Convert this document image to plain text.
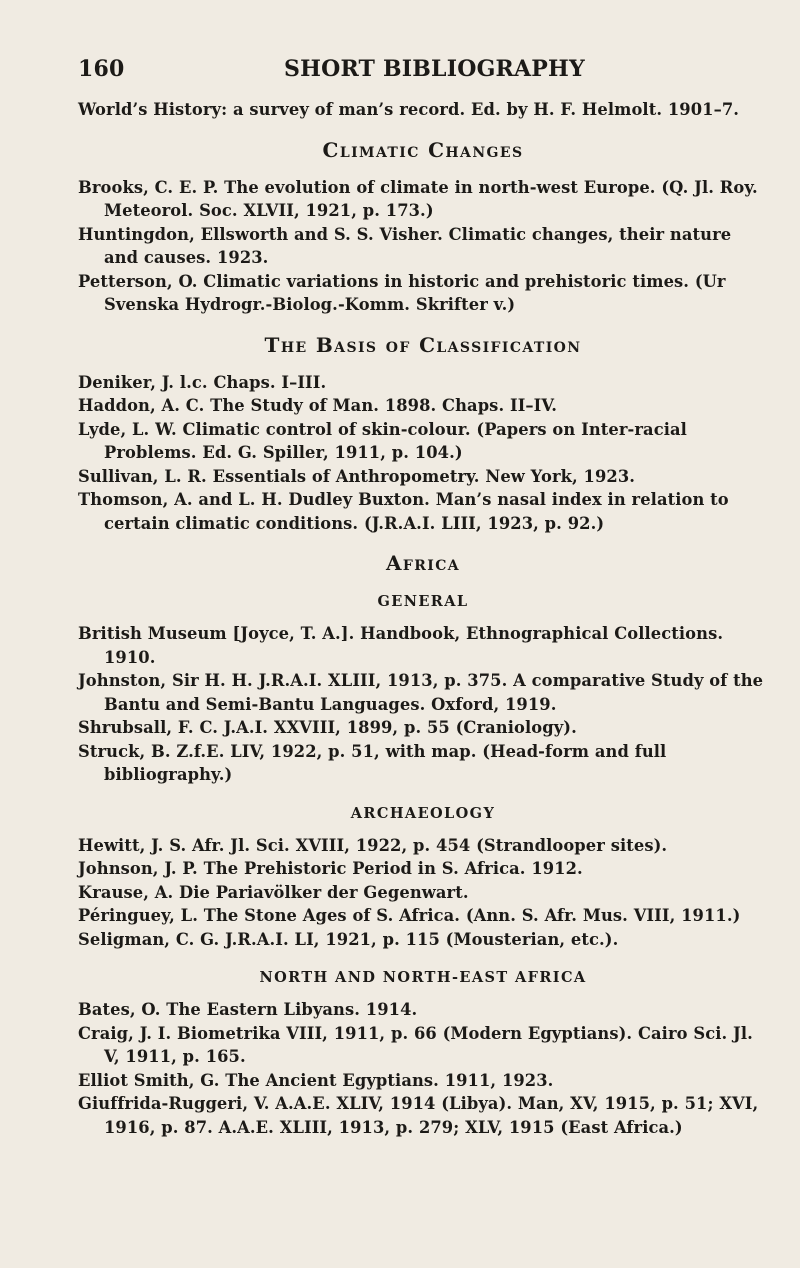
160	SHORT BIBLIOGRAPHY

World’s History: a survey of man’s record. Ed. by H. F. Helmolt. 1901–7.

Climatic Changes

Brooks, C. E. P. The evolution of climate in north-west Europe. (Q. Jl. Roy. Meteorol. Soc. XLVII, 1921, p. 173.)

Huntingdon, Ellsworth and S. S. Visher. Climatic changes, their nature and causes. 1923.

Petterson, O. Climatic variations in historic and prehistoric times. (Ur Svenska Hydrogr.-Biolog.-Komm. Skrifter v.)

The Basis of Classification

Deniker, J. l.c. Chaps. I–III.

Haddon, A. C. The Study of Man. 1898. Chaps. II–IV.

Lyde, L. W. Climatic control of skin-colour. (Papers on Inter-racial Problems. Ed. G. Spiller, 1911, p. 104.)

Sullivan, L. R. Essentials of Anthropometry. New York, 1923.

Thomson, A. and L. H. Dudley Buxton. Man’s nasal index in relation to certain climatic conditions. (J.R.A.I. LIII, 1923, p. 92.)

Africa
GENERAL

British Museum [Joyce, T. A.]. Handbook, Ethnographical Collections. 1910.

Johnston, Sir H. H. J.R.A.I. XLIII, 1913, p. 375. A comparative Study of the Bantu and Semi-Bantu Languages. Oxford, 1919.

Shrubsall, F. C. J.A.I. XXVIII, 1899, p. 55 (Craniology).

Struck, B. Z.f.E. LIV, 1922, p. 51, with map. (Head-form and full bibliography.)

ARCHAEOLOGY

Hewitt, J. S. Afr. Jl. Sci. XVIII, 1922, p. 454 (Strandlooper sites).

Johnson, J. P. The Prehistoric Period in S. Africa. 1912.

Krause, A. Die Pariavölker der Gegenwart.

Péringuey, L. The Stone Ages of S. Africa. (Ann. S. Afr. Mus. VIII, 1911.)

Seligman, C. G. J.R.A.I. LI, 1921, p. 115 (Mousterian, etc.).

NORTH AND NORTH-EAST AFRICA

Bates, O. The Eastern Libyans. 1914.

Craig, J. I. Biometrika VIII, 1911, p. 66 (Modern Egyptians). Cairo Sci. Jl. V, 1911, p. 165.

Elliot Smith, G. The Ancient Egyptians. 1911, 1923.

Giuffrida-Ruggeri, V. A.A.E. XLIV, 1914 (Libya). Man, XV, 1915, p. 51; XVI, 1916, p. 87. A.A.E. XLIII, 1913, p. 279; XLV, 1915 (East Africa.)
